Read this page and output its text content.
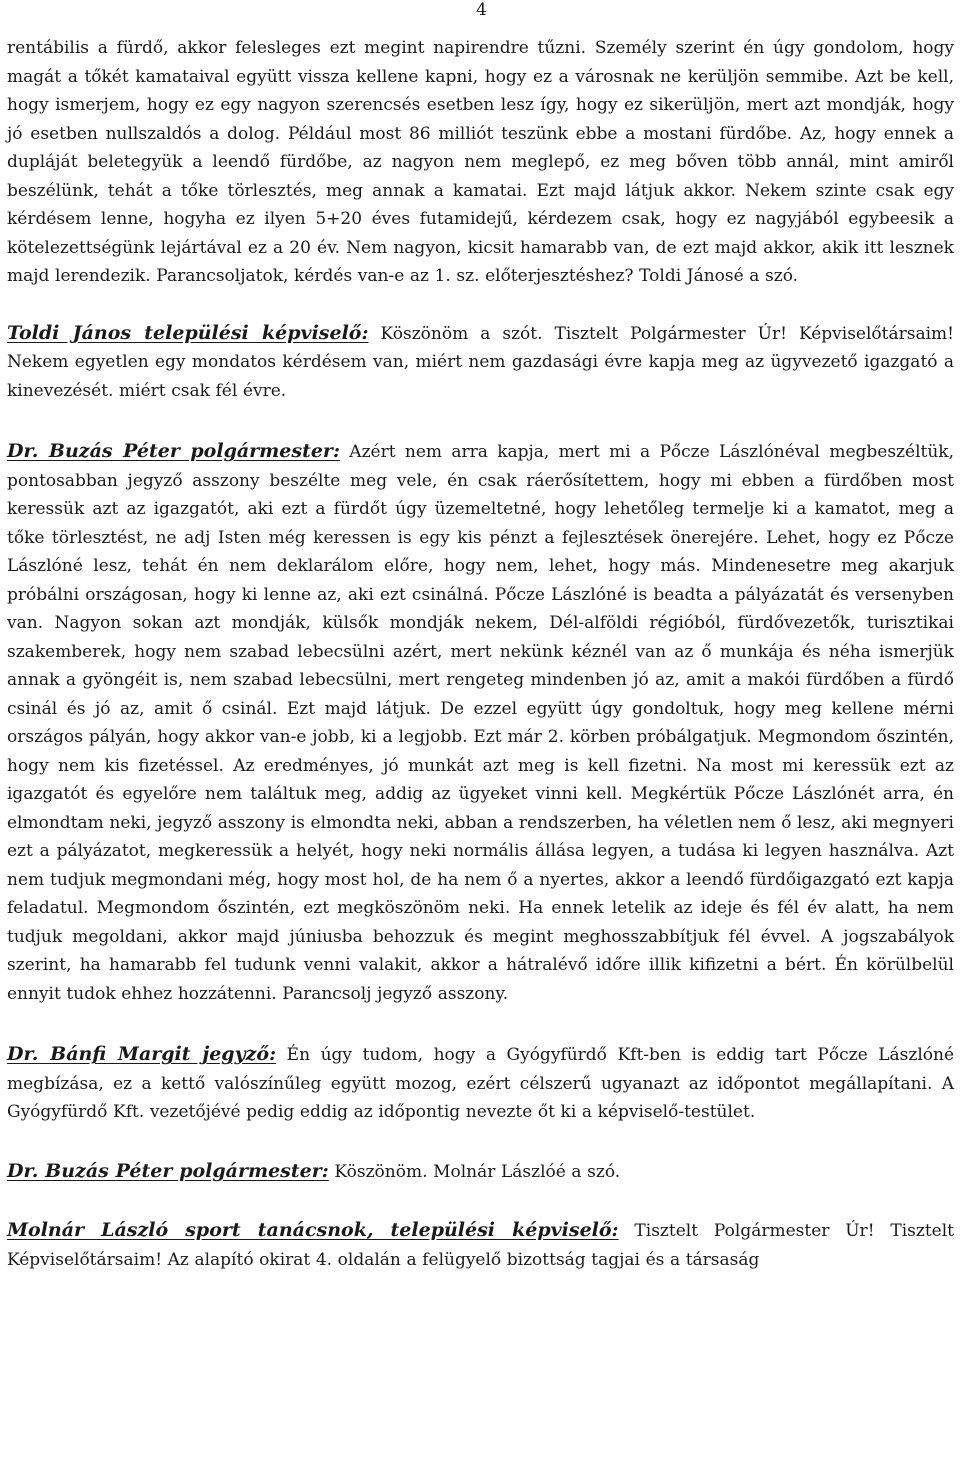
4

rentábilis a fürdő, akkor felesleges ezt megint napirendre tűzni. Személy szerint én úgy gondolom, hogy magát a tőkét kamataival együtt vissza kellene kapni, hogy ez a városnak ne kerüljön semmibe. Azt be kell, hogy ismerjem, hogy ez egy nagyon szerencsés esetben lesz így, hogy ez sikerüljön, mert azt mondják, hogy jó esetben nullszaldós a dolog. Például most 86 milliót teszünk ebbe a mostani fürdőbe. Az, hogy ennek a dupláját beletegyük a leendő fürdőbe, az nagyon nem meglepő, ez meg bőven több annál, mint amiről beszélünk, tehát a tőke törlesztés, meg annak a kamatai. Ezt majd látjuk akkor. Nekem szinte csak egy kérdésem lenne, hogyha ez ilyen 5+20 éves futamidejű, kérdezem csak, hogy ez nagyjából egybeesik a kötelezettségünk lejártával ez a 20 év. Nem nagyon, kicsit hamarabb van, de ezt majd akkor, akik itt lesznek majd lerendezik. Parancsoljatok, kérdés van-e az 1. sz. előterjesztéshez? Toldi Jánosé a szó.

Toldi János települési képviselő: Köszönöm a szót. Tisztelt Polgármester Úr! Képviselőtársaim! Nekem egyetlen egy mondatos kérdésem van, miért nem gazdasági évre kapja meg az ügyvezető igazgató a kinevezését. miért csak fél évre.

Dr. Buzás Péter polgármester: Azért nem arra kapja, mert mi a Pőcze Lászlónéval megbeszéltük, pontosabban jegyző asszony beszélte meg vele, én csak ráerősítettem, hogy mi ebben a fürdőben most keressük azt az igazgatót, aki ezt a fürdőt úgy üzemeltetné, hogy lehetőleg termelje ki a kamatot, meg a tőke törlesztést, ne adj Isten még keressen is egy kis pénzt a fejlesztések önerejére. Lehet, hogy ez Pőcze Lászlóné lesz, tehát én nem deklarálom előre, hogy nem, lehet, hogy más. Mindenesetre meg akarjuk próbálni országosan, hogy ki lenne az, aki ezt csinálná. Pőcze Lászlóné is beadta a pályázatát és versenyben van. Nagyon sokan azt mondják, külsők mondják nekem, Dél-alföldi régióból, fürdővezetők, turisztikai szakemberek, hogy nem szabad lebecsülni azért, mert nekünk kéznél van az ő munkája és néha ismerjük annak a gyöngéit is, nem szabad lebecsülni, mert rengeteg mindenben jó az, amit a makói fürdőben a fürdő csinál és jó az, amit ő csinál. Ezt majd látjuk. De ezzel együtt úgy gondoltuk, hogy meg kellene mérni országos pályán, hogy akkor van-e jobb, ki a legjobb. Ezt már 2. körben próbálgatjuk. Megmondom őszintén, hogy nem kis fizetéssel. Az eredményes, jó munkát azt meg is kell fizetni. Na most mi keressük ezt az igazgatót és egyelőre nem találtuk meg, addig az ügyeket vinni kell. Megkértük Pőcze Lászlónét arra, én elmondtam neki, jegyző asszony is elmondta neki, abban a rendszerben, ha véletlen nem ő lesz, aki megnyeri ezt a pályázatot, megkeressük a helyét, hogy neki normális állása legyen, a tudása ki legyen használva. Azt nem tudjuk megmondani még, hogy most hol, de ha nem ő a nyertes, akkor a leendő fürdőigazgató ezt kapja feladatul. Megmondom őszintén, ezt megköszönöm neki. Ha ennek letelik az ideje és fél év alatt, ha nem tudjuk megoldani, akkor majd júniusba behozzuk és megint meghosszabbítjuk fél évvel. A jogszabályok szerint, ha hamarabb fel tudunk venni valakit, akkor a hátralévő időre illik kifizetni a bért. Én körülbelül ennyit tudok ehhez hozzátenni. Parancsolj jegyző asszony.

Dr. Bánfi Margit jegyző: Én úgy tudom, hogy a Gyógyfürdő Kft-ben is eddig tart Pőcze Lászlóné megbízása, ez a kettő valószínűleg együtt mozog, ezért célszerű ugyanazt az időpontot megállapítani. A Gyógyfürdő Kft. vezetőjévé pedig eddig az időpontig nevezte őt ki a képviselő-testület.

Dr. Buzás Péter polgármester: Köszönöm. Molnár Lászlóé a szó.

Molnár László sport tanácsnok, települési képviselő: Tisztelt Polgármester Úr! Tisztelt Képviselőtársaim! Az alapító okirat 4. oldalán a felügyelő bizottság tagjai és a társaság
